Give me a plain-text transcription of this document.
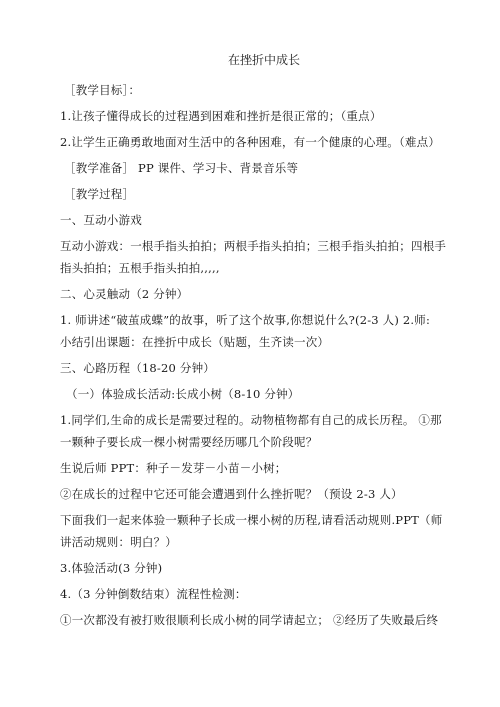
在挫折中成长
［教学目标］：
1.让孩子懂得成长的过程遇到困难和挫折是很正常的；（重点）
2.让学生正确勇敢地面对生活中的各种困难，有一个健康的心理。（难点）
［教学准备］ PP 课件、学习卡、背景音乐等
［教学过程］
一、互动小游戏
互动小游戏：一根手指头拍拍；两根手指头拍拍；三根手指头拍拍；四根手
指头拍拍；五根手指头拍拍,,,,,
二、心灵触动（2 分钟）
1. 师讲述“破茧成蝶”的故事，听了这个故事,你想说什么?(2-3 人) 2.师:
小结引出课题：在挫折中成长（贴题，生齐读一次）
三、心路历程（18-20 分钟）
（一）体验成长活动:长成小树（8-10 分钟）
1.同学们,生命的成长是需要过程的。动物植物都有自己的成长历程。 ①那
一颗种子要长成一棵小树需要经历哪几个阶段呢？
生说后师 PPT：种子－发芽－小苗－小树；
②在成长的过程中它还可能会遭遇到什么挫折呢？（预设 2-3 人）
下面我们一起来体验一颗种子长成一棵小树的历程,请看活动规则.PPT（师
讲活动规则：明白？）
3.体验活动(3 分钟)
4.（3 分钟倒数结束）流程性检测：
①一次都没有被打败很顺利长成小树的同学请起立； ②经历了失败最后终
